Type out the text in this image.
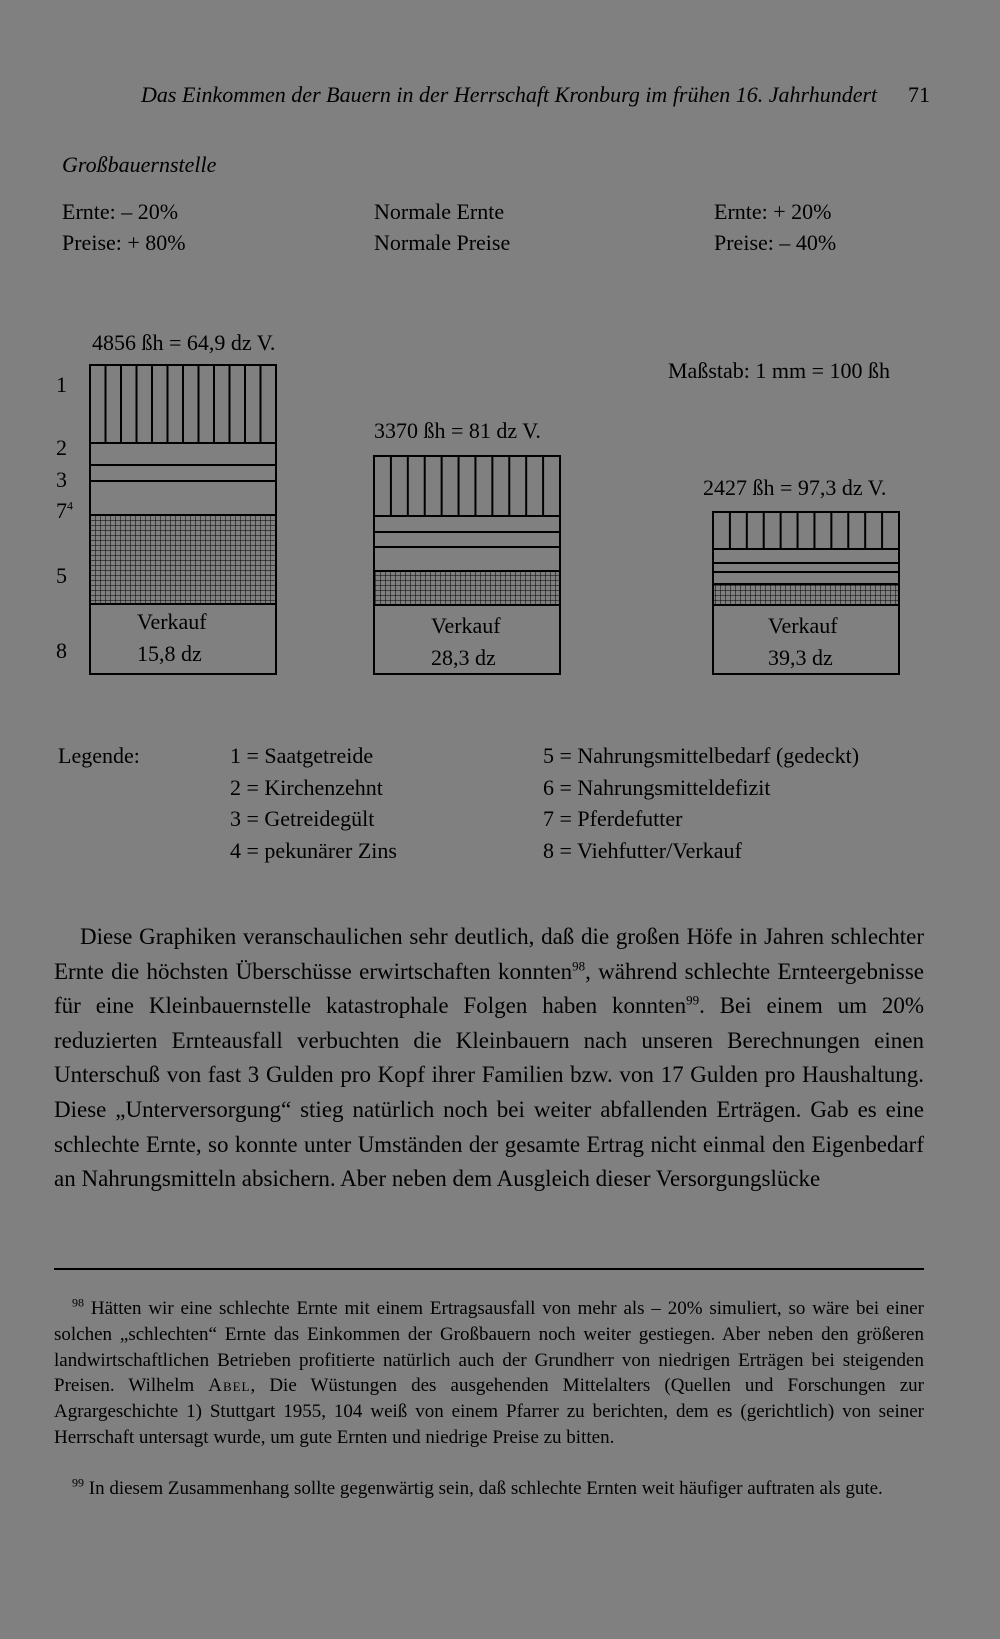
Das Einkommen der Bauern in der Herrschaft Kronburg im frühen 16. Jahrhundert 71
Großbauernstelle
Ernte: – 20%
Preise: + 80%
Normale Ernte
Normale Preise
Ernte: + 20%
Preise: – 40%
Maßstab: 1 mm = 100 ßh
4856 ßh = 64,9 dz V.
3370 ßh = 81 dz V.
2427 ßh = 97,3 dz V.
1
2
3
$7^4$
5
8
Verkauf
15,8 dz
Verkauf
28,3 dz
Verkauf
39,3 dz
Legende:	1 = Saatgetreide
2 = Kirchenzehnt
3 = Getreidegült
4 = pekunärer Zins
5 = Nahrungsmittelbedarf (gedeckt)
6 = Nahrungsmitteldefizit
7 = Pferdefutter
8 = Viehfutter/Verkauf
Diese Graphiken veranschaulichen sehr deutlich, daß die großen Höfe in Jahren schlechter Ernte die höchsten Überschüsse erwirtschaften konnten$^{98}$, während schlechte Ernteergebnisse für eine Kleinbauernstelle katastrophale Folgen haben konnten$^{99}$. Bei einem um 20% reduzierten Ernteausfall verbuchten die Kleinbauern nach unseren Berechnungen einen Unterschuß von fast 3 Gulden pro Kopf ihrer Familien bzw. von 17 Gulden pro Haushaltung. Diese „Unterversorgung“ stieg natürlich noch bei weiter abfallenden Erträgen. Gab es eine schlechte Ernte, so konnte unter Umständen der gesamte Ertrag nicht einmal den Eigenbedarf an Nahrungsmitteln absichern. Aber neben dem Ausgleich dieser Versorgungslücke
$^{98}$ Hätten wir eine schlechte Ernte mit einem Ertragsausfall von mehr als – 20% simuliert, so wäre bei einer solchen „schlechten“ Ernte das Einkommen der Großbauern noch weiter gestiegen. Aber neben den größeren landwirtschaftlichen Betrieben profitierte natürlich auch der Grundherr von niedrigen Erträgen bei steigenden Preisen. Wilhelm Abel, Die Wüstungen des ausgehenden Mittelalters (Quellen und Forschungen zur Agrargeschichte 1) Stuttgart 1955, 104 weiß von einem Pfarrer zu berichten, dem es (gerichtlich) von seiner Herrschaft untersagt wurde, um gute Ernten und niedrige Preise zu bitten.
$^{99}$ In diesem Zusammenhang sollte gegenwärtig sein, daß schlechte Ernten weit häufiger auftraten als gute.
